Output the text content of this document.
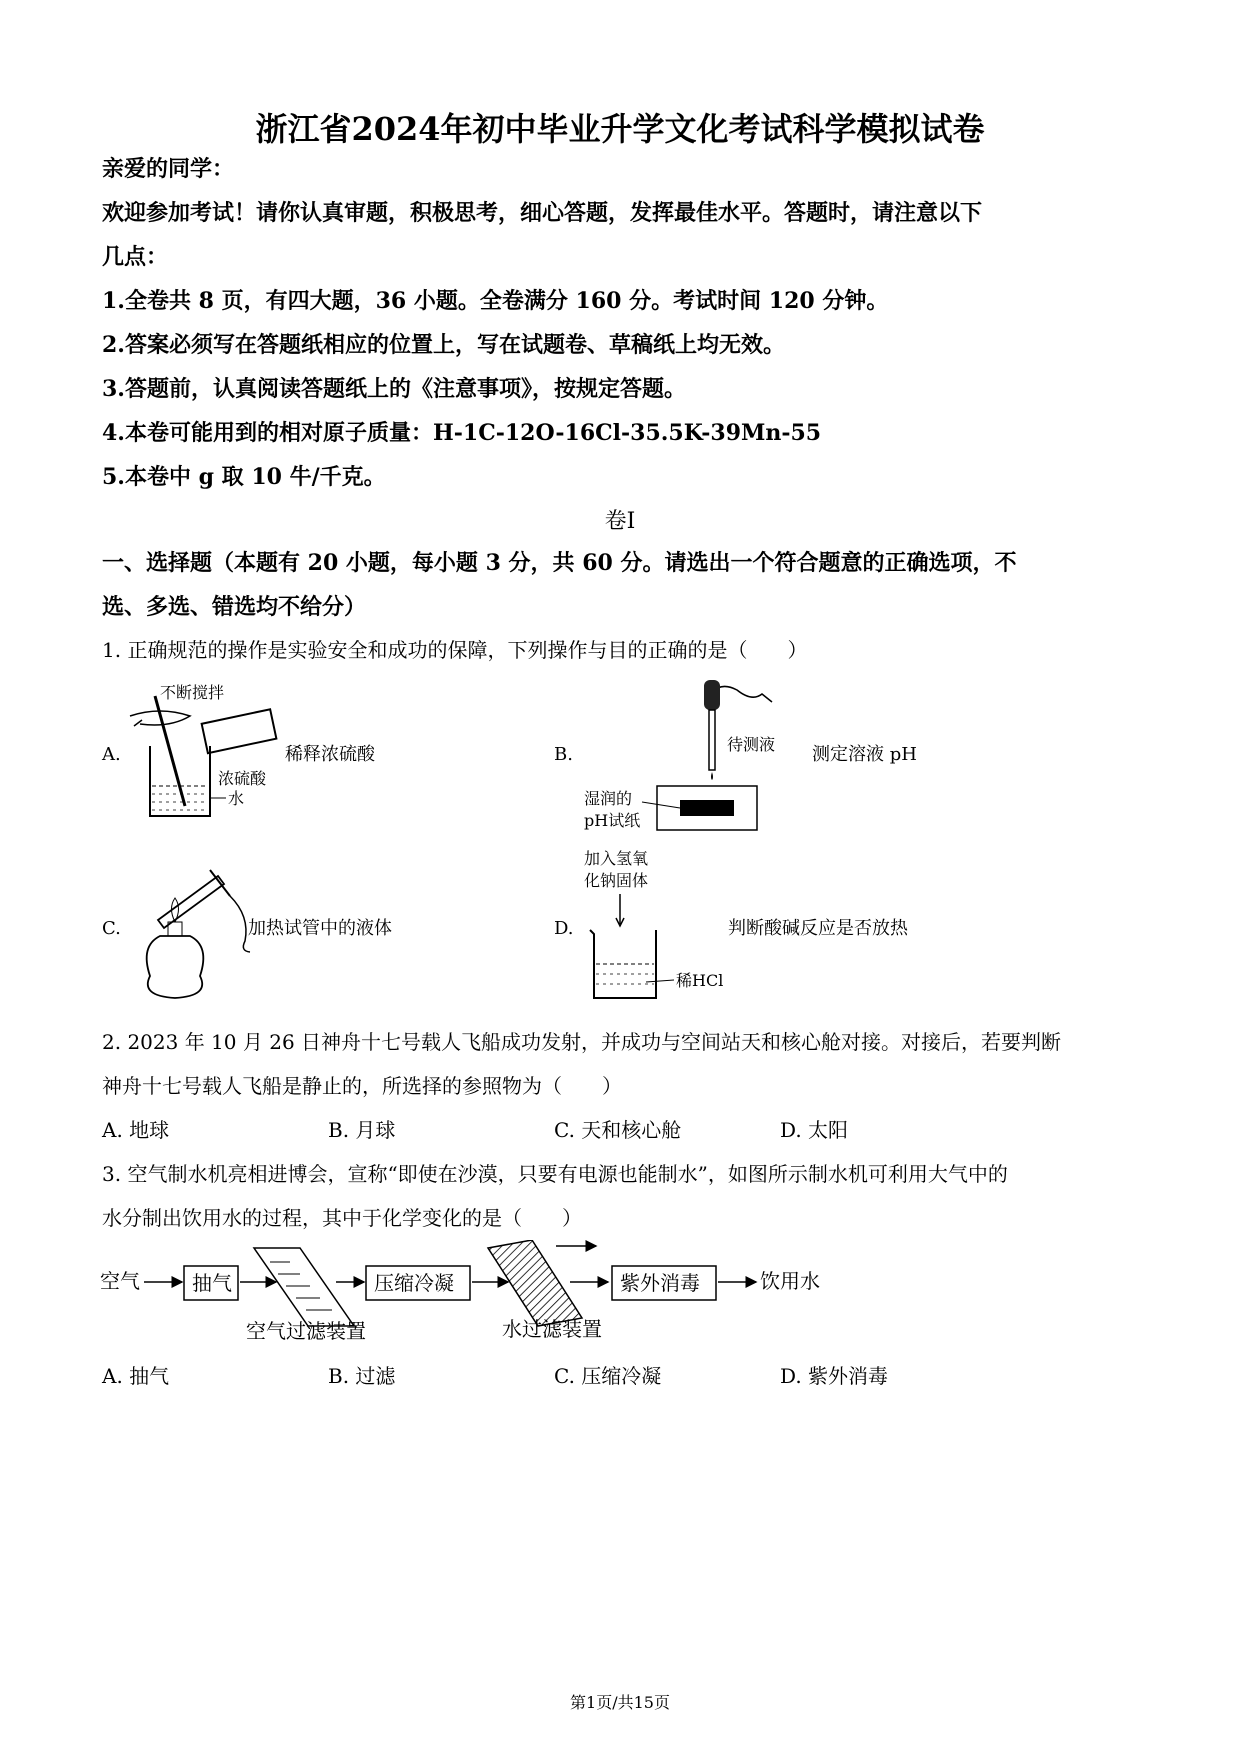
浙江省2024年初中毕业升学文化考试科学模拟试卷
亲爱的同学：
欢迎参加考试！请你认真审题，积极思考，细心答题，发挥最佳水平。答题时，请注意以下
几点：
1.全卷共 8 页，有四大题，36 小题。全卷满分 160 分。考试时间 120 分钟。
2.答案必须写在答题纸相应的位置上，写在试题卷、草稿纸上均无效。
3.答题前，认真阅读答题纸上的《注意事项》，按规定答题。
4.本卷可能用到的相对原子质量：H-1C-12O-16Cl-35.5K-39Mn-55
5.本卷中 g 取 10 牛/千克。
卷Ⅰ
一、选择题（本题有 20 小题，每小题 3 分，共 60 分。请选出一个符合题意的正确选项，不
选、多选、错选均不给分）
1. 正确规范的操作是实验安全和成功的保障，下列操作与目的正确的是（　　）
A.
不断搅拌
稀释浓硫酸
浓硫酸
水
B.	待测液 测定溶液 pH
湿润的
pH试纸
C.	加热试管中的液体	D.
加入氢氧
化钠固体
稀HCl
判断酸碱反应是否放热
2. 2023 年 10 月 26 日神舟十七号载人飞船成功发射，并成功与空间站天和核心舱对接。对接后，若要判断
神舟十七号载人飞船是静止的，所选择的参照物为（　　）
A. 地球	B. 月球	C. 天和核心舱	D. 太阳
3. 空气制水机亮相进博会，宣称“即使在沙漠，只要有电源也能制水”，如图所示制水机可利用大气中的
水分制出饮用水的过程，其中于化学变化的是（　　）
空气	抽气
空气过滤装置
压缩冷凝
水过滤装置
紫外消毒	饮用水
A. 抽气	B. 过滤	C. 压缩冷凝	D. 紫外消毒
第1页/共15页
